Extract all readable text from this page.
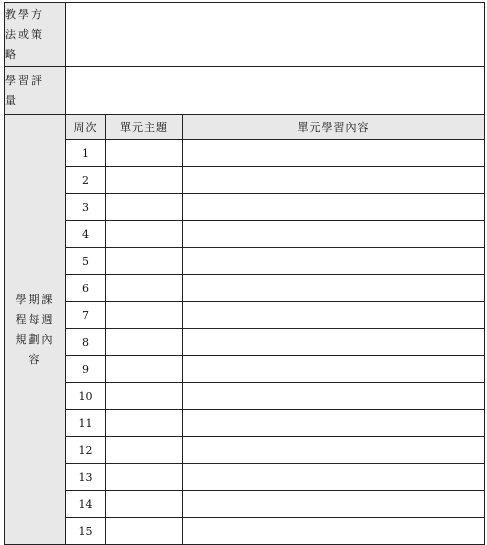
教學方法或策略			

學習評量			

學期課程每週規劃內容	周次	單元主題	單元學習內容
	1		
	2		
	3		
	4		
	5		
	6		
	7		
	8		
	9		
	10		
	11		
	12		
	13		
	14		
	15		
